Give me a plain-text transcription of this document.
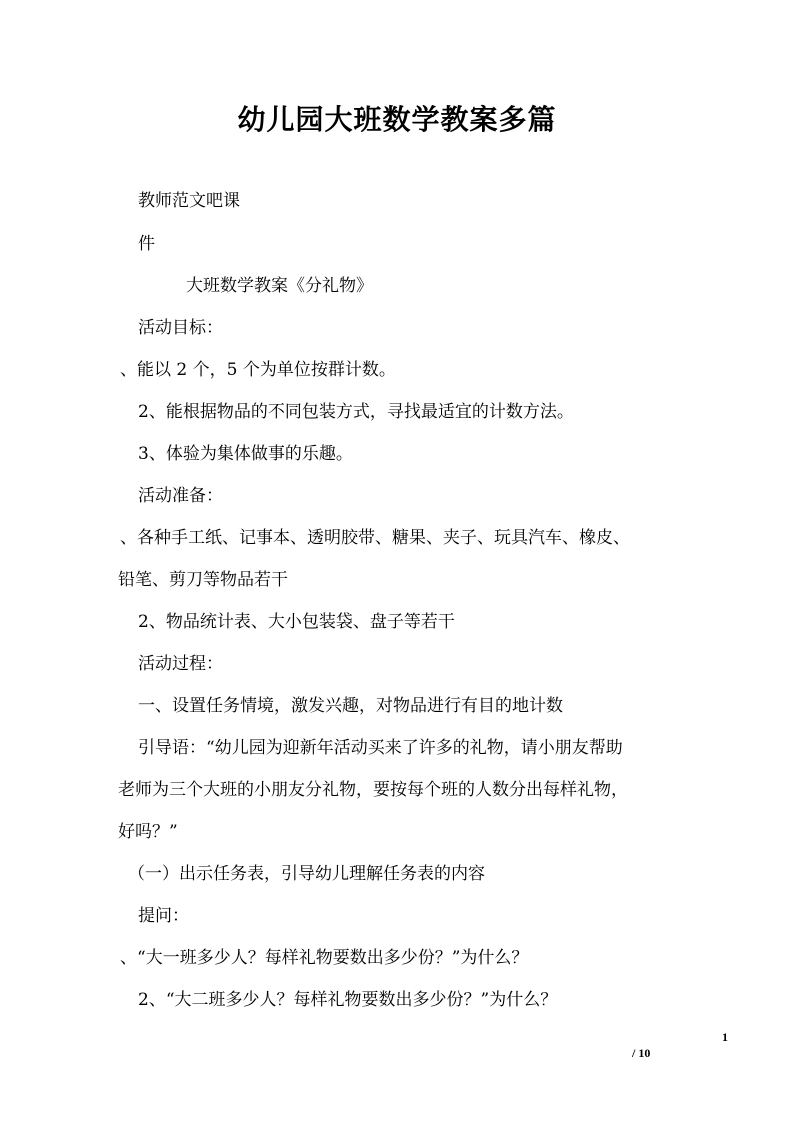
幼儿园大班数学教案多篇

教师范文吧课

件

大班数学教案《分礼物》

活动目标：

、能以 2 个，5 个为单位按群计数。

2、能根据物品的不同包装方式，寻找最适宜的计数方法。

3、体验为集体做事的乐趣。

活动准备：

、各种手工纸、记事本、透明胶带、糖果、夹子、玩具汽车、橡皮、

铅笔、剪刀等物品若干

2、物品统计表、大小包装袋、盘子等若干

活动过程：

一、设置任务情境，激发兴趣，对物品进行有目的地计数

引导语：“幼儿园为迎新年活动买来了许多的礼物，请小朋友帮助

老师为三个大班的小朋友分礼物，要按每个班的人数分出每样礼物，

好吗？”

（一）出示任务表，引导幼儿理解任务表的内容

提问：

、“大一班多少人？每样礼物要数出多少份？”为什么？

2、“大二班多少人？每样礼物要数出多少份？”为什么？

1
/ 10
